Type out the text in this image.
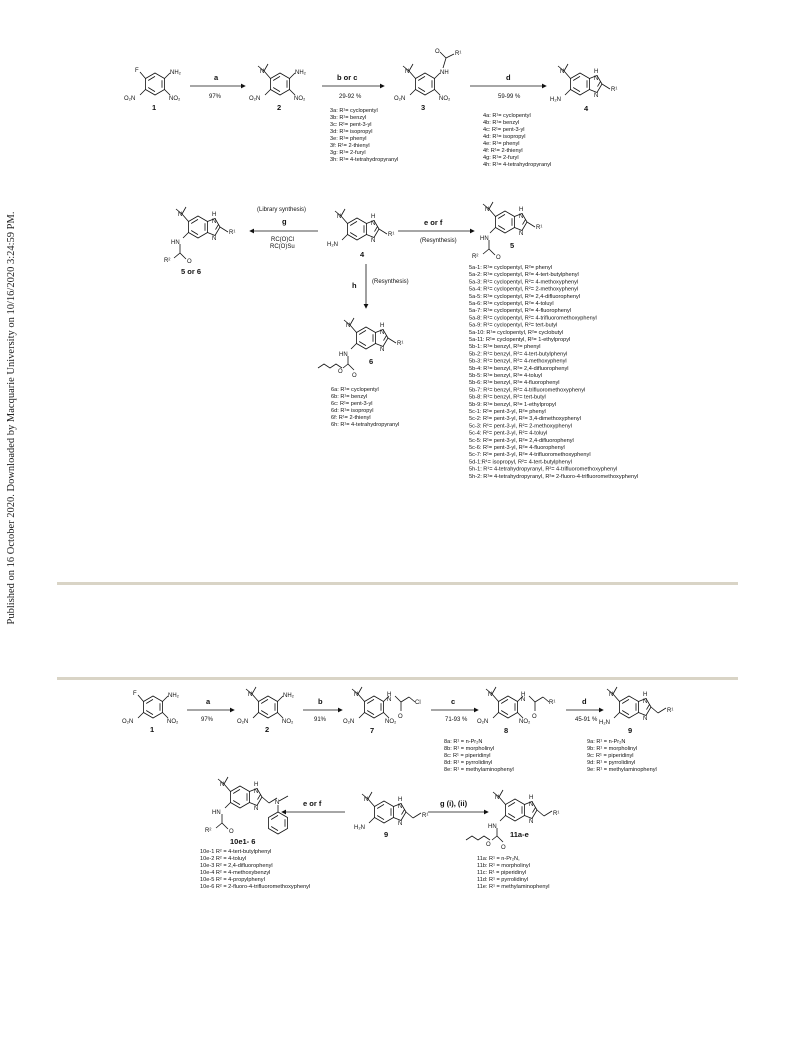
Published on 16 October 2020. Downloaded by Macquarie University on 10/16/2020 3:24:59 PM.
F	NH₂
NO₂
O₂N
1
a
97%
N	NH₂
NO₂
O₂N
2
b or c
29-92 %
3a: R¹= cyclopentyl
3b: R¹= benzyl
3c: R¹= pent-3-yl
3d: R¹= isopropyl
3e: R¹= phenyl
3f: R¹= 2-thienyl
3g: R¹= 2-furyl
3h: R¹= 4-tetrahydropyranyl
N	NH
O	R¹
NO₂
O₂N
3
d
59-99 %
4a: R¹= cyclopentyl
4b: R¹= benzyl
4c: R¹= pent-3-yl
4d: R¹= isopropyl
4e: R¹= phenyl
4f: R¹= 2-thienyl
4g: R¹= 2-furyl
4h: R¹= 4-tetrahydropyranyl
N	H
N
N
R¹
H₂N
4
N	H
N
N
R¹
H₂N
4
(Library synthesis)
g
RC(O)Cl
RC(O)Su
N	H
N
N
R¹
HN
R²	O
5 or 6
e or f
(Resynthesis)
N	H
N
N
R¹
HN
R²	O
5
5a-1: R¹= cyclopentyl, R²= phenyl
5a-2: R¹= cyclopentyl, R²= 4-tert-butylphenyl
5a-3: R¹= cyclopentyl, R²= 4-methoxyphenyl
5a-4: R¹= cyclopentyl, R²= 2-methoxyphenyl
5a-5: R¹= cyclopentyl, R²= 2,4-difluorophenyl
5a-6: R¹= cyclopentyl, R²= 4-toluyl
5a-7: R¹= cyclopentyl, R²= 4-fluorophenyl
5a-8: R¹= cyclopentyl, R²= 4-trifluoromethoxyphenyl
5a-9: R¹= cyclopentyl, R²= tert-butyl
5a-10: R¹= cyclopentyl, R²= cyclobutyl
5a-11: R¹= cyclopentyl, R²= 1-ethylpropyl
5b-1: R¹= benzyl, R²= phenyl
5b-2: R¹= benzyl, R²= 4-tert-butylphenyl
5b-3: R¹= benzyl, R²= 4-methoxyphenyl
5b-4: R¹= benzyl, R²= 2,4-difluorophenyl
5b-5: R¹= benzyl, R²= 4-toluyl
5b-6: R¹= benzyl, R²= 4-fluorophenyl
5b-7: R¹= benzyl, R²= 4-trifluoromethoxyphenyl
5b-8: R¹= benzyl, R²= tert-butyl
5b-9: R¹= benzyl, R²= 1-ethylpropyl
5c-1: R¹= pent-3-yl, R²= phenyl
5c-2: R¹= pent-3-yl, R²= 3,4-dimethoxyphenyl
5c-3: R¹= pent-3-yl, R²= 2-methoxyphenyl
5c-4: R¹= pent-3-yl, R²= 4-toluyl
5c-5: R¹= pent-3-yl, R²= 2,4-difluorophenyl
5c-6: R¹= pent-3-yl, R²= 4-fluorophenyl
5c-7: R¹= pent-3-yl, R²= 4-trifluoromethoxyphenyl
5d-1:R¹= isopropyl, R²= 4-tert-butylphenyl
5h-1: R¹= 4-tetrahydropyranyl, R²= 4-trifluoromethoxyphenyl
5h-2: R¹= 4-tetrahydropyranyl, R²= 2-fluoro-4-trifluoromethoxyphenyl
h	(Resynthesis)
N	H
N
N
R¹
HN
O
O
6
6a: R¹= cyclopentyl
6b: R¹= benzyl
6c: R¹= pent-3-yl
6d: R¹= isopropyl
6f: R¹= 2-thienyl
6h: R¹= 4-tetrahydropyranyl
F	NH₂
NO₂
O₂N
1
a
97%
N	NH₂
NO₂
O₂N
2
b
91%
N	H
N
O
Cl
NO₂
O₂N
7
c
71-93 %
N	H
N
O
R¹
NO₂
O₂N
8
8a: R¹ = n-Pr₂N
8b: R¹ = morpholinyl
8c: R¹ = piperidinyl
8d: R¹ = pyrrolidinyl
8e: R¹ = methylaminophenyl
d
45-91 %
N	H
N
N
R¹
H₂N
9
9a: R¹ = n-Pr₂N
9b: R¹ = morpholinyl
9c: R¹ = piperidinyl
9d: R¹ = pyrrolidinyl
9e: R¹ = methylaminophenyl
N	H
N
N
R¹
H₂N
9
e or f
N	H
N
N
N
HN
R²	O
10e1- 6
10e-1 R² = 4-tert-butylphenyl
10e-2 R² = 4-toluyl
10e-3 R² = 2,4-difluorophenyl
10e-4 R² = 4-methoxybenzyl
10e-5 R² = 4-propylphenyl
10e-6 R² = 2-fluoro-4-trifluoromethoxyphenyl
g (i), (ii)
N	H
N
N
R¹
HN
O O
11a-e
11a: R¹ = n-Pr₂N,
11b: R¹ = morpholinyl
11c: R¹ = piperidinyl
11d: R¹ = pyrrolidinyl
11e: R¹ = methylaminophenyl
